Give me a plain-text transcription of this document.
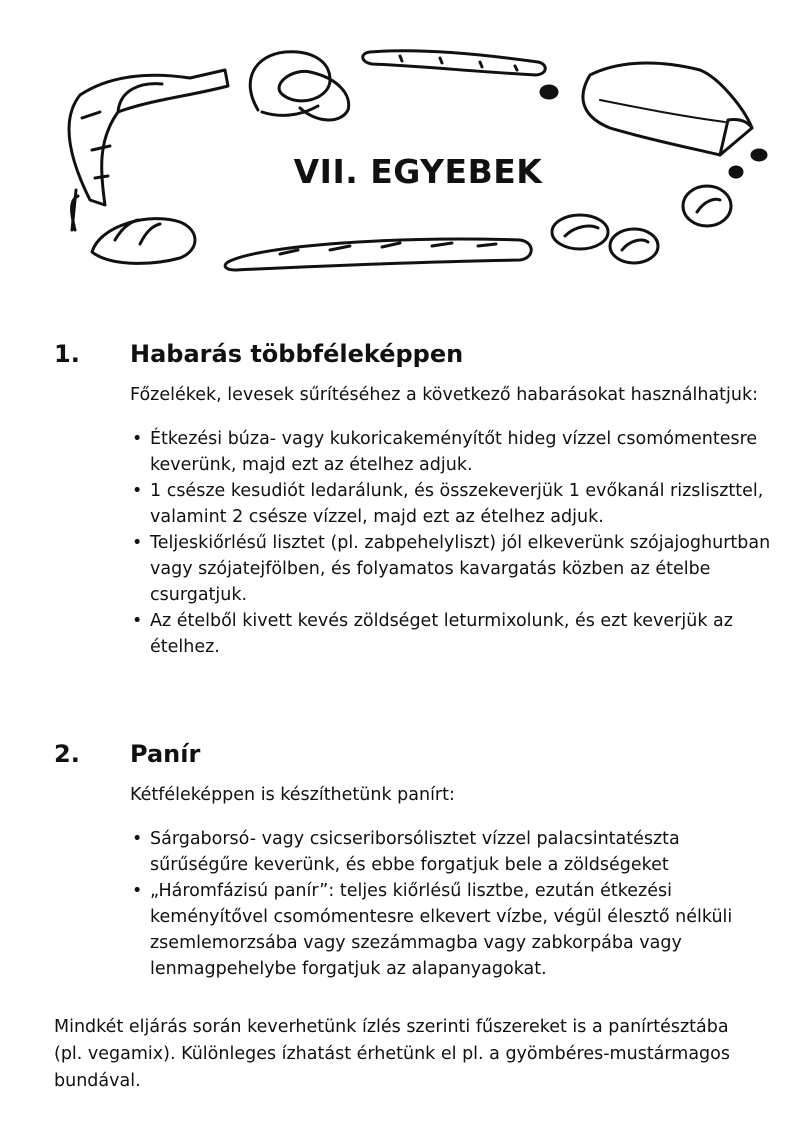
VII. EGYEBEK
1.	Habarás többféleképpen
Főzelékek, levesek sűrítéséhez a következő habarásokat használhatjuk:
• Étkezési búza- vagy kukoricakeményítőt hideg vízzel csomómentesre keverünk, majd ezt az ételhez adjuk.
• 1 csésze kesudiót ledarálunk, és összekeverjük 1 evőkanál rizsliszttel, valamint 2 csésze vízzel, majd ezt az ételhez adjuk.
• Teljeskiőrlésű lisztet (pl. zabpehelyliszt) jól elkeverünk szójajoghurtban vagy szójatejfölben, és folyamatos kavargatás közben az ételbe csurgatjuk.
• Az ételből kivett kevés zöldséget leturmixolunk, és ezt keverjük az ételhez.
2.	Panír
Kétféleképpen is készíthetünk panírt:
• Sárgaborsó- vagy csicseriborsólisztet vízzel palacsintatészta sűrűségűre keverünk, és ebbe forgatjuk bele a zöldségeket
• „Háromfázisú panír”: teljes kiőrlésű lisztbe, ezután étkezési keményítővel csomómentesre elkevert vízbe, végül élesztő nélküli zsemlemorzsába vagy szezámmagba vagy zabkorpába vagy lenmagpehelybe forgatjuk az alapanyagokat.
Mindkét eljárás során keverhetünk ízlés szerinti fűszereket is a panírtésztába (pl. vegamix). Különleges ízhatást érhetünk el pl. a gyömbéres-mustármagos bundával.
